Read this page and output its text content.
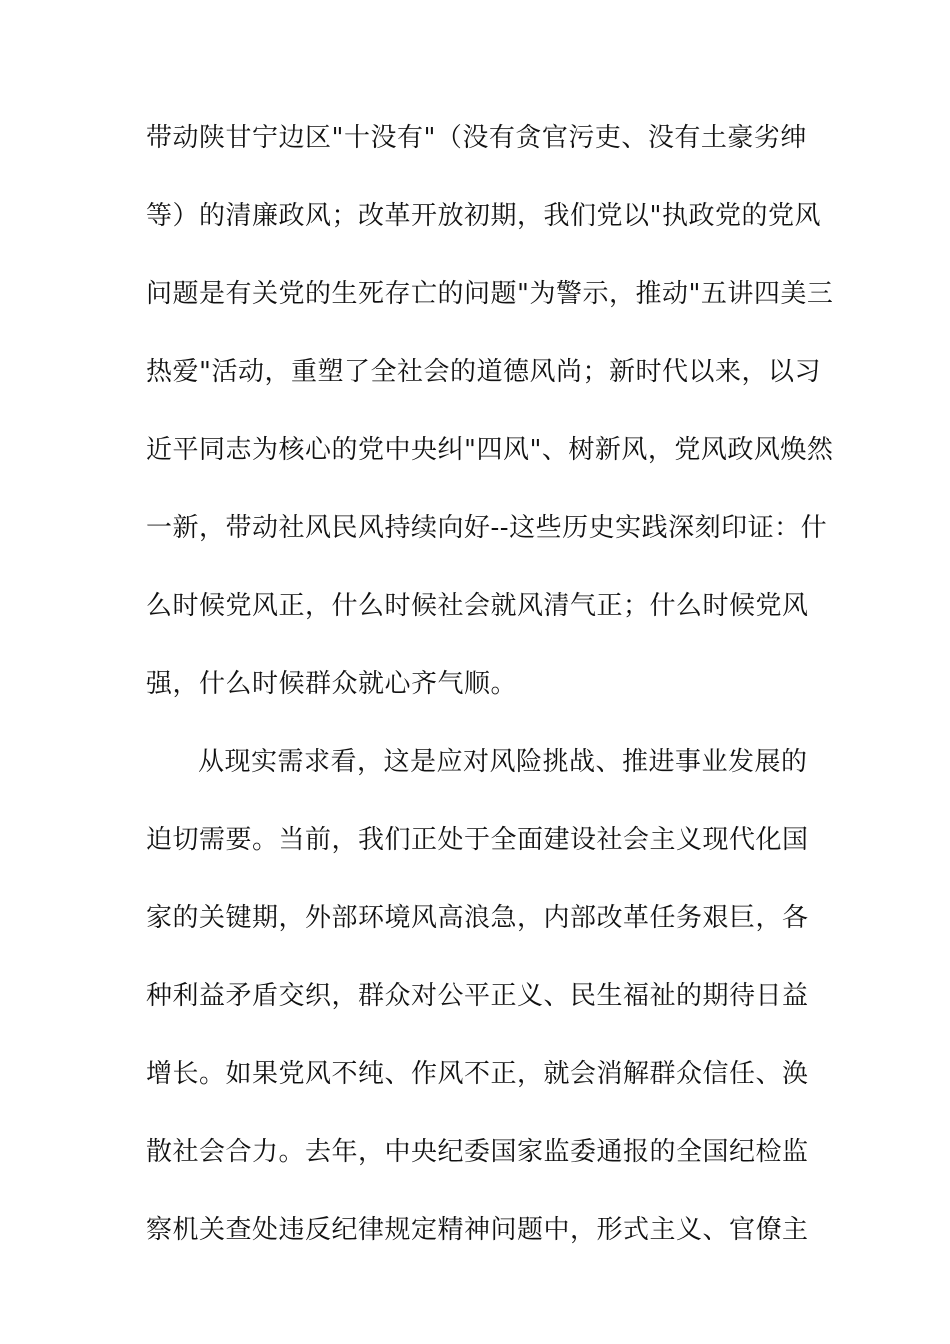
带动陕甘宁边区"十没有"（没有贪官污吏、没有土豪劣绅
等）的清廉政风；改革开放初期，我们党以"执政党的党风
问题是有关党的生死存亡的问题"为警示，推动"五讲四美三
热爱"活动，重塑了全社会的道德风尚；新时代以来，以习
近平同志为核心的党中央纠"四风"、树新风，党风政风焕然
一新，带动社风民风持续向好--这些历史实践深刻印证：什
么时候党风正，什么时候社会就风清气正；什么时候党风
强，什么时候群众就心齐气顺。
从现实需求看，这是应对风险挑战、推进事业发展的
迫切需要。当前，我们正处于全面建设社会主义现代化国
家的关键期，外部环境风高浪急，内部改革任务艰巨，各
种利益矛盾交织，群众对公平正义、民生福祉的期待日益
增长。如果党风不纯、作风不正，就会消解群众信任、涣
散社会合力。去年，中央纪委国家监委通报的全国纪检监
察机关查处违反纪律规定精神问题中，形式主义、官僚主
